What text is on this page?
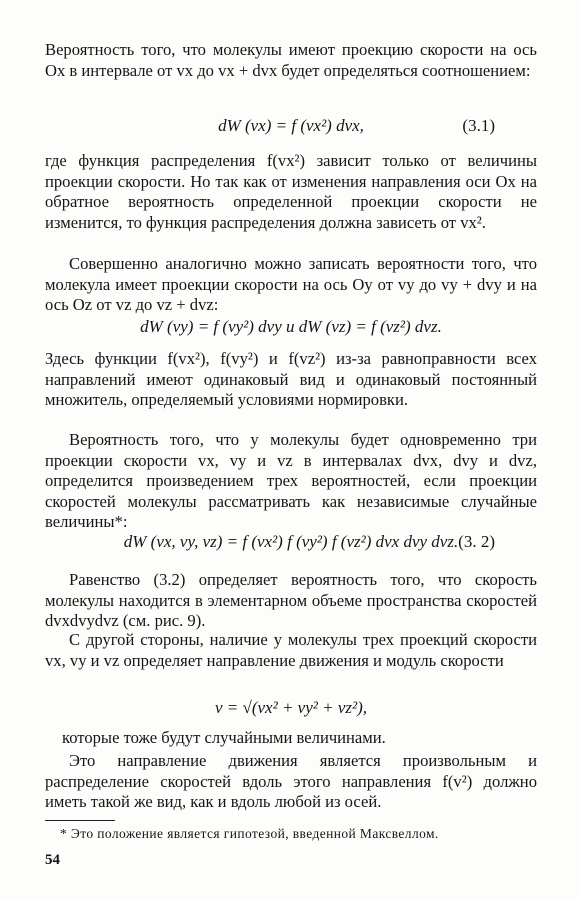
Вероятность того, что молекулы имеют проекцию скорости на ось Ox в интервале от vx до vx + dvx будет определяться соотношением:
dW (vx) = f (vx²) dvx,	(3.1)
где функция распределения f(vx²) зависит только от величины проекции скорости. Но так как от изменения направления оси Ox на обратное вероятность определенной проекции скорости не изменится, то функция распределения должна зависеть от vx².
Совершенно аналогично можно записать вероятности того, что молекула имеет проекции скорости на ось Oy от vy до vy + dvy и на ось Oz от vz до vz + dvz:
dW (vy) = f (vy²) dvy и dW (vz) = f (vz²) dvz.
Здесь функции f(vx²), f(vy²) и f(vz²) из-за равноправности всех направлений имеют одинаковый вид и одинаковый постоянный множитель, определяемый условиями нормировки.
Вероятность того, что у молекулы будет одновременно три проекции скорости vx, vy и vz в интервалах dvx, dvy и dvz, определится произведением трех вероятностей, если проекции скоростей молекулы рассматривать как независимые случайные величины*:
dW (vx, vy, vz) = f (vx²) f (vy²) f (vz²) dvx dvy dvz. (3. 2)
Равенство (3.2) определяет вероятность того, что скорость молекулы находится в элементарном объеме пространства скоростей dvxdvydvz (см. рис. 9).
С другой стороны, наличие у молекулы трех проекций скорости vx, vy и vz определяет направление движения и модуль скорости
v = √(vx² + vy² + vz²),
которые тоже будут случайными величинами.
Это направление движения является произвольным и распределение скоростей вдоль этого направления f(v²) должно иметь такой же вид, как и вдоль любой из осей.
* Это положение является гипотезой, введенной Максвеллом.
54
